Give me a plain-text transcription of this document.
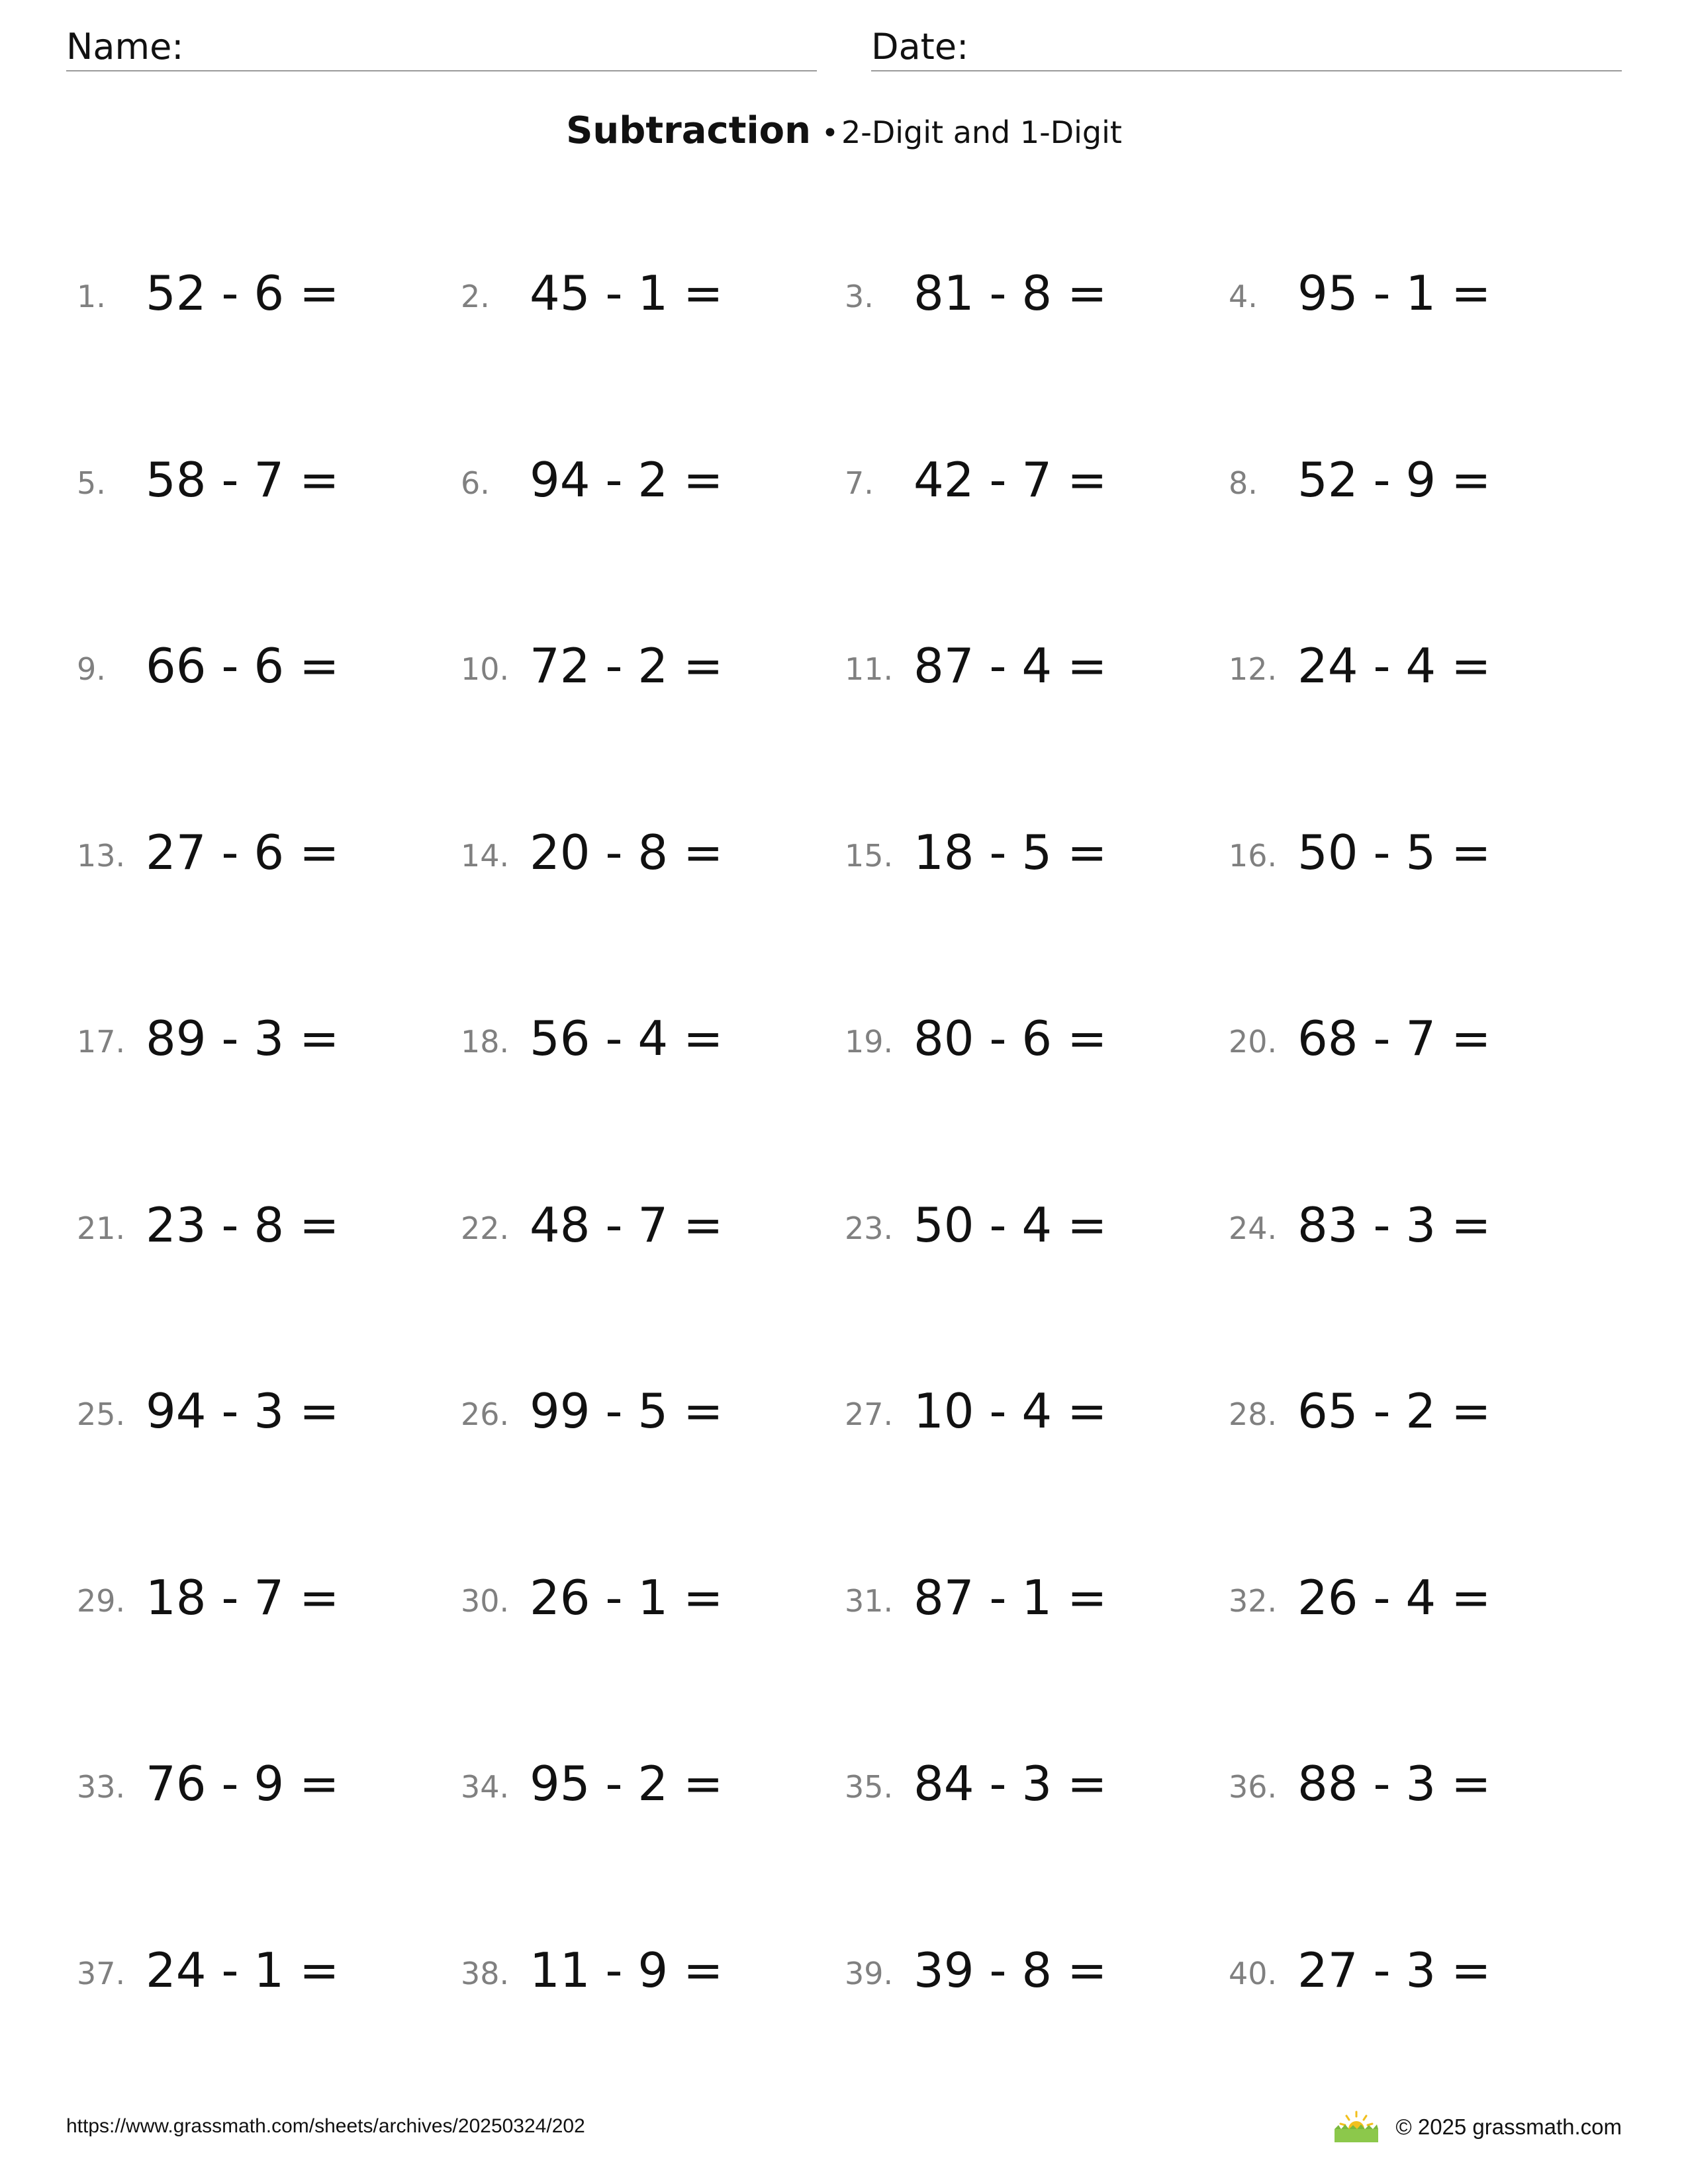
Name:	Date:
Subtraction •2-Digit and 1-Digit
1. 52 - 6 =	2. 45 - 1 =	3. 81 - 8 =	4. 95 - 1 =
5. 58 - 7 =	6. 94 - 2 =	7. 42 - 7 =	8. 52 - 9 =
9. 66 - 6 =	10. 72 - 2 =	11. 87 - 4 =	12. 24 - 4 =
13. 27 - 6 =	14. 20 - 8 =	15. 18 - 5 =	16. 50 - 5 =
17. 89 - 3 =	18. 56 - 4 =	19. 80 - 6 =	20. 68 - 7 =
21. 23 - 8 =	22. 48 - 7 =	23. 50 - 4 =	24. 83 - 3 =
25. 94 - 3 =	26. 99 - 5 =	27. 10 - 4 =	28. 65 - 2 =
29. 18 - 7 =	30. 26 - 1 =	31. 87 - 1 =	32. 26 - 4 =
33. 76 - 9 =	34. 95 - 2 =	35. 84 - 3 =	36. 88 - 3 =
37. 24 - 1 =	38. 11 - 9 =	39. 39 - 8 =	40. 27 - 3 =
https://www.grassmath.com/sheets/archives/20250324/202	© 2025 grassmath.com
